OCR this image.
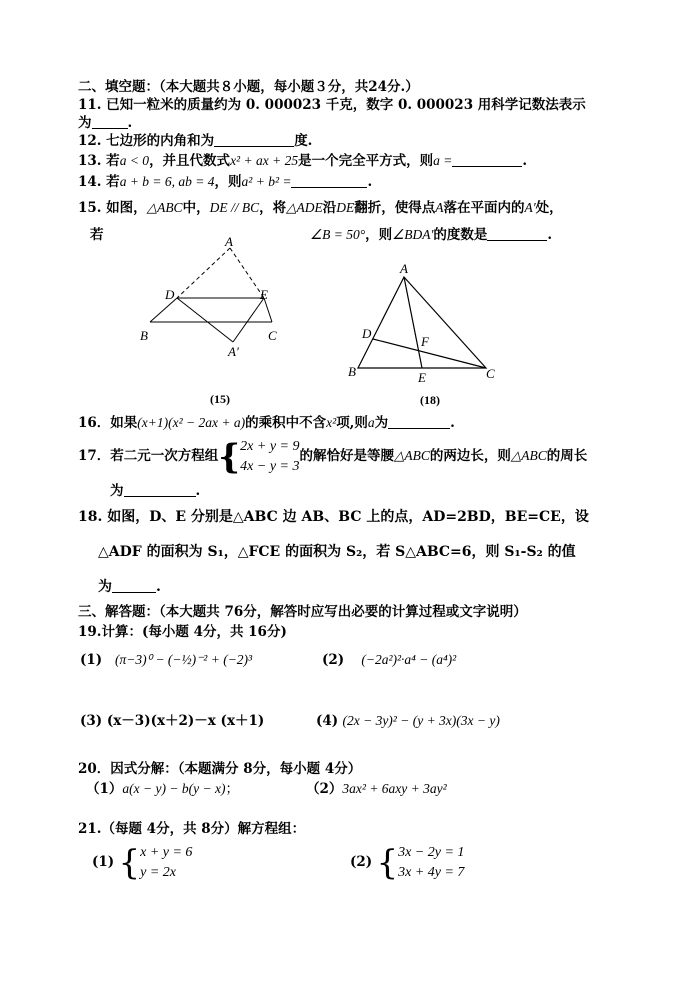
二、填空题：（本大题共８小题，每小题３分，共24分.）
11. 已知一粒米的质量约为 0. 000023 千克，数字 0. 000023 用科学记数法表示
为	.
12. 七边形的内角和为	度.
13. 若a < 0，并且代数式x² + ax + 25是一个完全平方式，则a =	.
14. 若a + b = 6, ab = 4，则a² + b² =	.
15. 如图，△ABC中，DE // BC，将△ADE沿DE翻折，使得点A落在平面内的A′处，
若	∠B = 50°，则∠BDA′的度数是	.
A
D	E
B	C
A′
(15)
A
D
F
B	E	C
(18)
16．如果(x+1)(x² − 2ax + a)的乘积中不含x²项,则a为	.
17．若二元一次方程组{2x + y = 9
4x − y = 3的解恰好是等腰△ABC的两边长，则△ABC的周长
为	.
18. 如图，D、E 分别是△ABC 边 AB、BC 上的点，AD=2BD，BE=CE，设
△ADF 的面积为 S₁，△FCE 的面积为 S₂，若 S△ABC=6，则 S₁-S₂ 的值
为	.
三、解答题：（本大题共 76分，解答时应写出必要的计算过程或文字说明）
19.计算：(每小题 4分，共 16分)
(1) (π−3)⁰ − (−½)⁻² + (−2)³	(2) (−2a²)²·a⁴ − (a⁴)²
(3) (x－3)(x＋2)－x (x＋1)	(4) (2x − 3y)² − (y + 3x)(3x − y)
20．因式分解：（本题满分 8分，每小题 4分）
（1）a(x − y) − b(y − x)；	（2）3ax² + 6axy + 3ay²
21.（每题 4分，共 8分）解方程组：
(1) {x + y = 6
y = 2x
(2) {3x − 2y = 1
3x + 4y = 7
